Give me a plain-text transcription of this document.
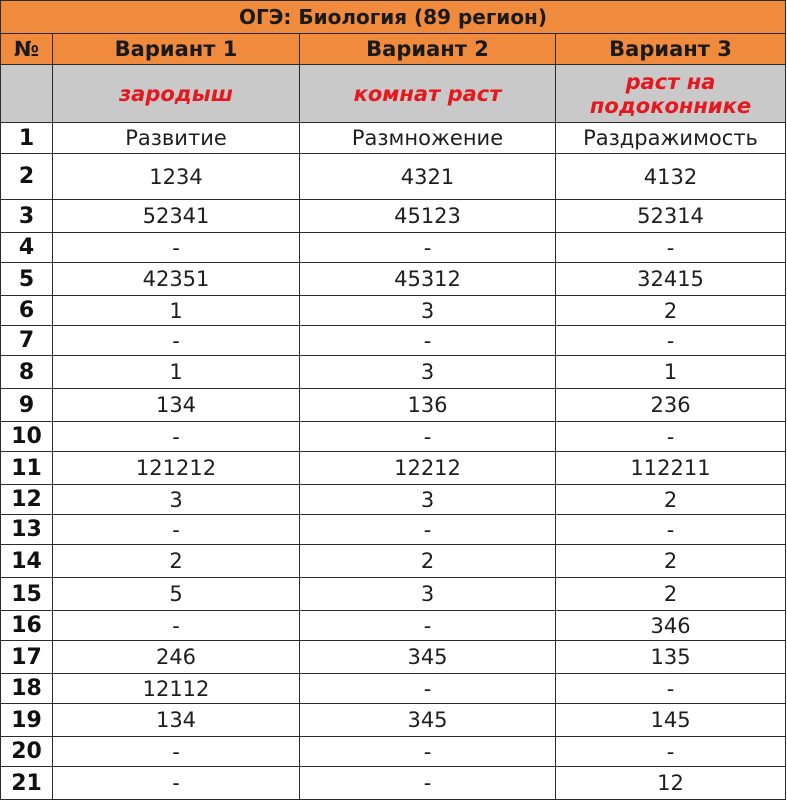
ОГЭ: Биология (89 регион)			
№	Вариант 1	Вариант 2	Вариант 3
	зародыш	комнат раст	раст на подоконнике
1	Развитие	Размножение	Раздражимость
2	1234	4321	4132
3	52341	45123	52314
4	-	-	-
5	42351	45312	32415
6	1	3	2
7	-	-	-
8	1	3	1
9	134	136	236
10	-	-	-
11	121212	12212	112211
12	3	3	2
13	-	-	-
14	2	2	2
15	5	3	2
16	-	-	346
17	246	345	135
18	12112	-	-
19	134	345	145
20	-	-	-
21	-	-	12
